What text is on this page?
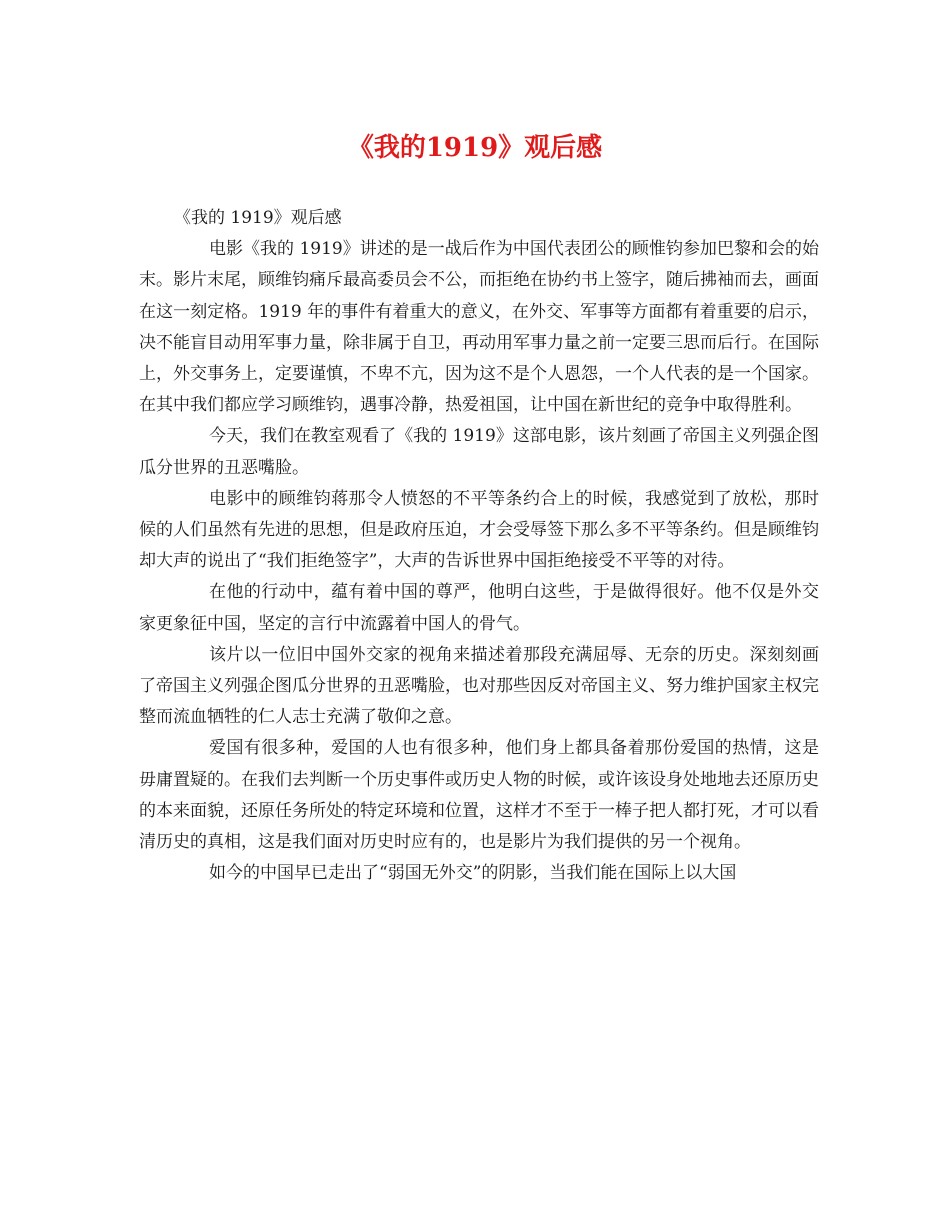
《我的1919》观后感

《我的 1919》观后感

电影《我的 1919》讲述的是一战后作为中国代表团公的顾惟钧参加巴黎和会的始末。影片末尾，顾维钧痛斥最高委员会不公，而拒绝在协约书上签字，随后拂袖而去，画面在这一刻定格。1919 年的事件有着重大的意义，在外交、军事等方面都有着重要的启示，决不能盲目动用军事力量，除非属于自卫，再动用军事力量之前一定要三思而后行。在国际上，外交事务上，定要谨慎，不卑不亢，因为这不是个人恩怨，一个人代表的是一个国家。在其中我们都应学习顾维钧，遇事冷静，热爱祖国，让中国在新世纪的竞争中取得胜利。

今天，我们在教室观看了《我的 1919》这部电影，该片刻画了帝国主义列强企图瓜分世界的丑恶嘴脸。

电影中的顾维钧蒋那令人愤怒的不平等条约合上的时候，我感觉到了放松，那时候的人们虽然有先进的思想，但是政府压迫，才会受辱签下那么多不平等条约。但是顾维钧却大声的说出了“我们拒绝签字”，大声的告诉世界中国拒绝接受不平等的对待。

在他的行动中，蕴有着中国的尊严，他明白这些，于是做得很好。他不仅是外交家更象征中国，坚定的言行中流露着中国人的骨气。

该片以一位旧中国外交家的视角来描述着那段充满屈辱、无奈的历史。深刻刻画了帝国主义列强企图瓜分世界的丑恶嘴脸，也对那些因反对帝国主义、努力维护国家主权完整而流血牺牲的仁人志士充满了敬仰之意。

爱国有很多种，爱国的人也有很多种，他们身上都具备着那份爱国的热情，这是毋庸置疑的。在我们去判断一个历史事件或历史人物的时候，或许该设身处地地去还原历史的本来面貌，还原任务所处的特定环境和位置，这样才不至于一棒子把人都打死，才可以看清历史的真相，这是我们面对历史时应有的，也是影片为我们提供的另一个视角。

如今的中国早已走出了“弱国无外交”的阴影，当我们能在国际上以大国
